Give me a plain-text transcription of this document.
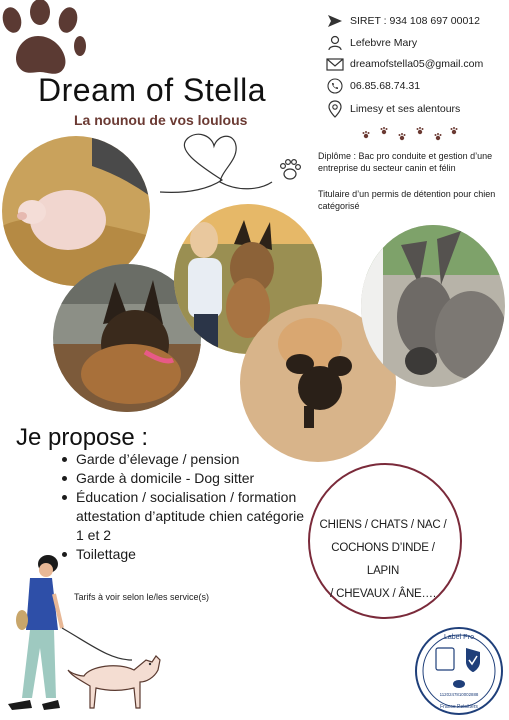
Dream of Stella
La nounou de vos loulous
SIRET : 934 108 697 00012
Lefebvre Mary
dreamofstella05@gmail.com
06.85.68.74.31
Limesy et ses alentours
Diplôme : Bac pro conduite et gestion d’une entreprise du secteur canin et félin
Titulaire d’un permis de détention pour chien catégorisé
Je propose :
Garde d’élevage / pension
Garde à domicile - Dog sitter
Éducation / socialisation / formation attestation d’aptitude chien catégorie 1 et 2
Toilettage
CHIENS / CHATS / NAC /
COCHONS D’INDE / LAPIN
/ CHEVAUX / ÂNE….
Tarifs à voir selon le/les service(s)
Label Pro
1120247810002888
France Petsitters
